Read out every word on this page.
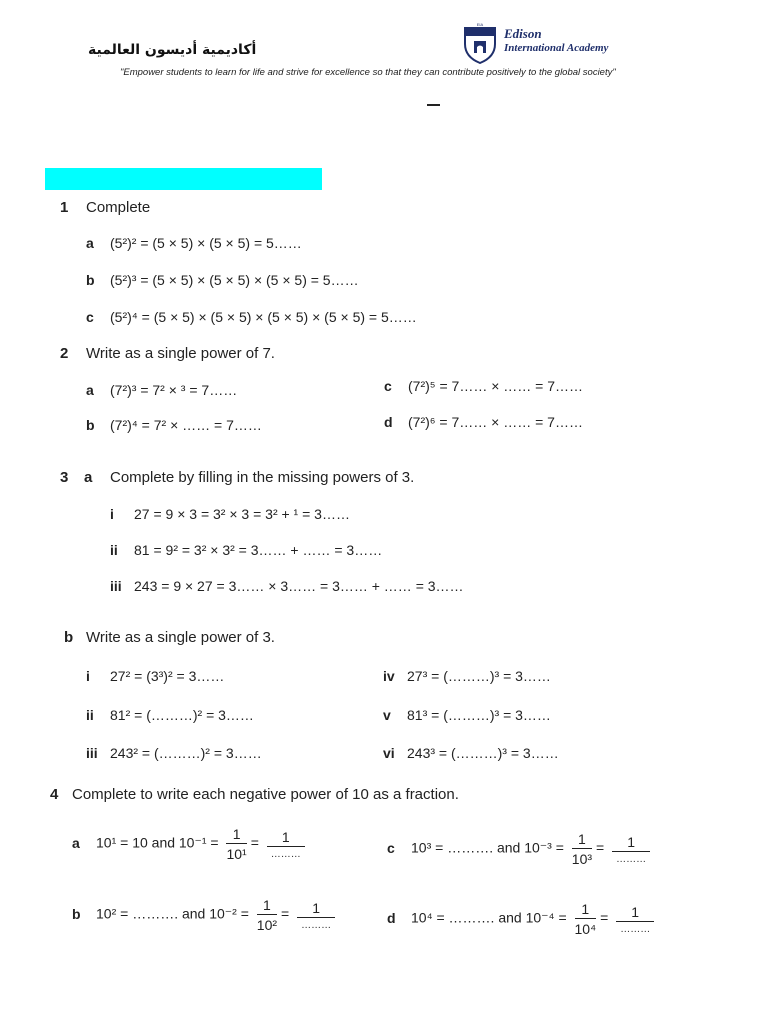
أكاديمية أديسون العالمية
EIA
Edison
International Academy
"Empower students to learn for life and strive for excellence so that they can contribute positively to the global society"
1 Complete
a (5²)² = (5 × 5) × (5 × 5) = 5……
b (5²)³ = (5 × 5) × (5 × 5) × (5 × 5) = 5……
c (5²)⁴ = (5 × 5) × (5 × 5) × (5 × 5) × (5 × 5) = 5……
2 Write as a single power of 7.
a (7²)³ = 7² × ³ = 7……
b (7²)⁴ = 7² × …… = 7……
c (7²)⁵ = 7…… × …… = 7……
d (7²)⁶ = 7…… × …… = 7……
3 a Complete by filling in the missing powers of 3.
i 27 = 9 × 3 = 3² × 3 = 3² + ¹ = 3……
ii 81 = 9² = 3² × 3² = 3…… + …… = 3……
iii 243 = 9 × 27 = 3…… × 3…… = 3…… + …… = 3……
b Write as a single power of 3.
i 27² = (3³)² = 3……
ii 81² = (………)² = 3……
iii 243² = (………)² = 3……
iv 27³ = (………)³ = 3……
v 81³ = (………)³ = 3……
vi 243³ = (………)³ = 3……
4 Complete to write each negative power of 10 as a fraction.
a 10¹ = 10 and $10^{-1} = \frac{1}{\text{10¹}} = \frac{1}{\dots\dots\dots}$
b 10² = ………. and $10^{-2} = \frac{1}{\text{10²}} = \frac{1}{\dots\dots\dots}$
c 10³ = ………. and $10^{-3} = \frac{1}{\text{10³}} = \frac{1}{\dots\dots\dots}$
d 10⁴ = ………. and $10^{-4} = \frac{1}{\text{10⁴}} = \frac{1}{\dots\dots\dots}$
